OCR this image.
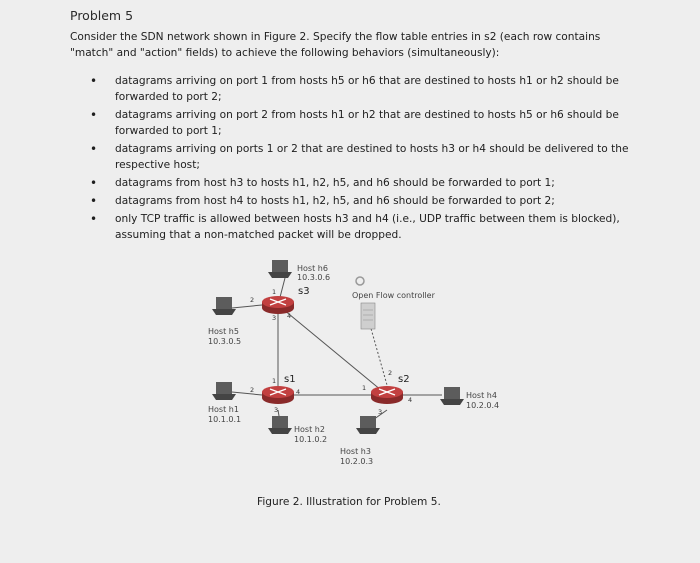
Problem 5
Consider the SDN network shown in Figure 2. Specify the flow table entries in s2 (each row contains "match" and "action" fields) to achieve the following behaviors (simultaneously):
• datagrams arriving on port 1 from hosts h5 or h6 that are destined to hosts h1 or h2 should be forwarded to port 2;
• datagrams arriving on port 2 from hosts h1 or h2 that are destined to hosts h5 or h6 should be forwarded to port 1;
• datagrams arriving on ports 1 or 2 that are destined to hosts h3 or h4 should be delivered to the respective host;
• datagrams from host h3 to hosts h1, h2, h5, and h6 should be forwarded to port 1;
• datagrams from host h4 to hosts h1, h2, h5, and h6 should be forwarded to port 2;
• only TCP traffic is allowed between hosts h3 and h4 (i.e., UDP traffic between them is blocked), assuming that a non-matched packet will be dropped.
Open Flow controller
s3
s1	s2
1
2
3 4
1
2
3
4	1
2
3
4
Host h6
10.3.0.6
Host h5
10.3.0.5
Host h1
10.1.0.1
Host h2
10.1.0.2
Host h3
10.2.0.3
Host h4
10.2.0.4
Figure 2. Illustration for Problem 5.
